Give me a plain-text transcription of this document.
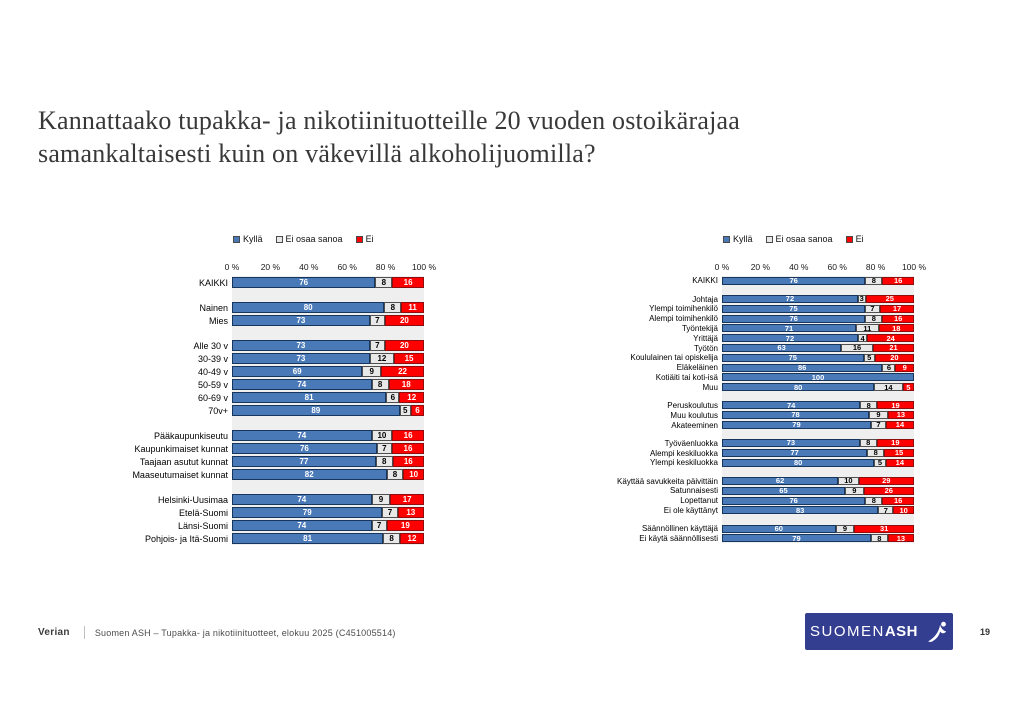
Kannattaako tupakka- ja nikotiinituotteille 20 vuoden ostoikärajaa
samankaltaisesti kuin on väkevillä alkoholijuomilla?
Kyllä	Ei osaa sanoa	Ei
0 %	20 % 40 % 60 % 80 % 100 %
KAIKKI	76	8	16
Nainen	80	8	11
Mies	73	7	20
Alle 30 v	73	7	20
30-39 v	73	12	15
40-49 v	69	9	22
50-59 v	74	8	18
60-69 v	81	6	12
70v+	89	5 6
Pääkaupunkiseutu	74	10	16
Kaupunkimaiset kunnat	76	7	16
Taajaan asutut kunnat	77	8	16
Maaseutumaiset kunnat	82	8	10
Helsinki-Uusimaa	74	9	17
Etelä-Suomi	79	7	13
Länsi-Suomi	74	7	19
Pohjois- ja Itä-Suomi	81	8	12
Kyllä	Ei osaa sanoa	Ei
0 %	20 % 40 % 60 % 80 % 100 %
KAIKKI	76	8	16
Johtaja	72	3	25
Ylempi toimihenkilö	75	7	17
Alempi toimihenkilö	76	8	16
Työntekijä	71	11	18
Yrittäjä	72	4	24
Työtön	63	16	21
Koululainen tai opiskelija	75	5	20
Eläkeläinen	86	6	9
Kotiäiti tai koti-isä	100
Muu	80	14	5
Peruskoulutus	74	8	19
Muu koulutus	78	9	13
Akateeminen	79	7	14
Työväenluokka	73	8	19
Alempi keskiluokka	77	8	15
Ylempi keskiluokka	80	5	14
Käyttää savukkeita päivittäin	62	10	29
Satunnaisesti	65	9	26
Lopettanut	76	8	16
Ei ole käyttänyt	83	7	10
Säännöllinen käyttäjä	60	9	31
Ei käytä säännöllisesti	79	8	13
Verian	Suomen ASH – Tupakka- ja nikotiinituotteet, elokuu 2025 (C451005514)	SUOMEN ASH	19
